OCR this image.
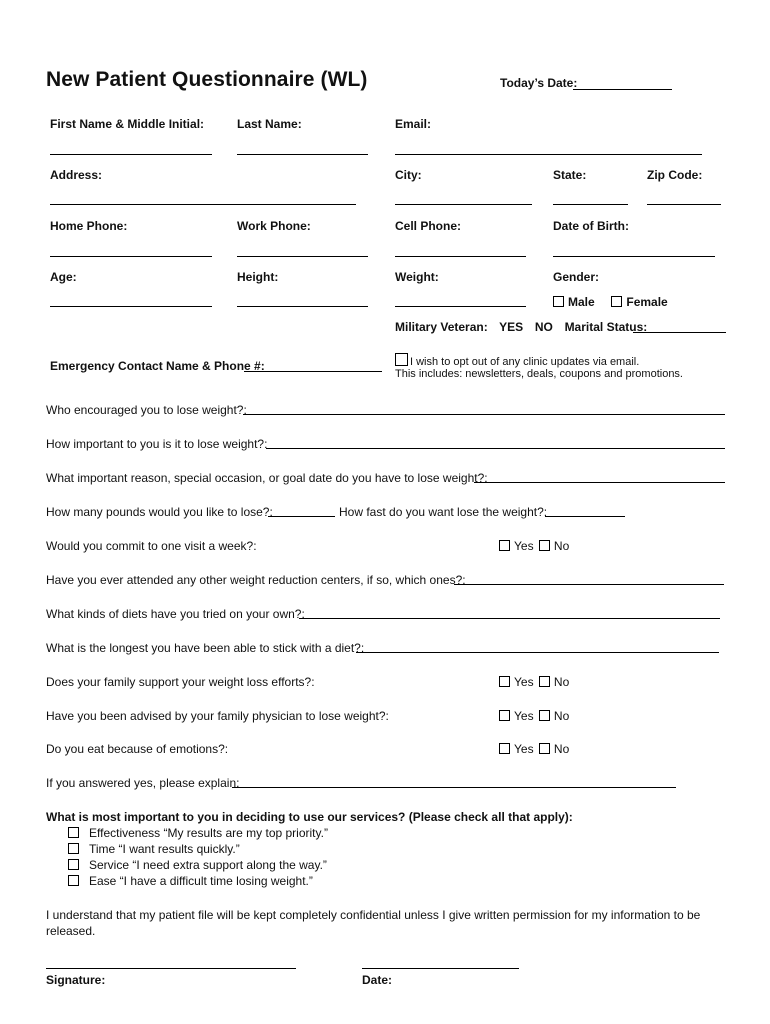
New Patient Questionnaire (WL)	Today’s Date:
First Name & Middle Initial:	Last Name:	Email:
Address:	City:	State:	Zip Code:
Home Phone:	Work Phone:	Cell Phone:	Date of Birth:
Age:	Height:	Weight:	Gender:
Male	Female
Military Veteran: YES NO Marital Status:
Emergency Contact Name & Phone #:	I wish to opt out of any clinic updates via email.
This includes: newsletters, deals, coupons and promotions.
Who encouraged you to lose weight?:
How important to you is it to lose weight?:
What important reason, special occasion, or goal date do you have to lose weight?:
How many pounds would you like to lose?:	How fast do you want lose the weight?:
Would you commit to one visit a week?:	Yes No
Have you ever attended any other weight reduction centers, if so, which ones?:
What kinds of diets have you tried on your own?:
What is the longest you have been able to stick with a diet?:
Does your family support your weight loss efforts?:	Yes No
Have you been advised by your family physician to lose weight?:	Yes No
Do you eat because of emotions?:	Yes No
If you answered yes, please explain:
What is most important to you in deciding to use our services? (Please check all that apply):
Effectiveness “My results are my top priority.”
Time “I want results quickly.”
Service “I need extra support along the way.”
Ease “I have a difficult time losing weight.”
I understand that my patient file will be kept completely confidential unless I give written permission for my information to be released.
Signature:	Date:
